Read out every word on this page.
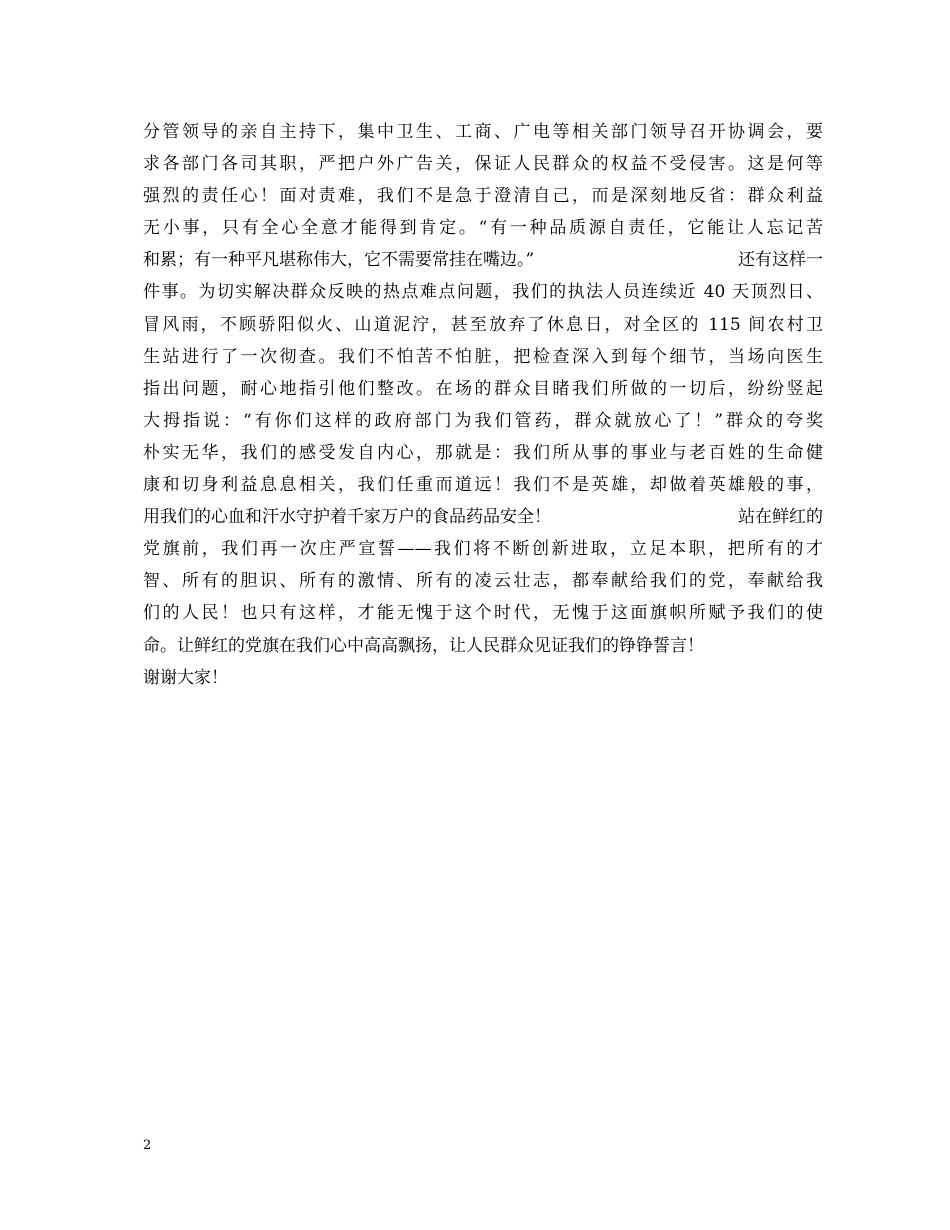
分管领导的亲自主持下，集中卫生、工商、广电等相关部门领导召开协调会，要
求各部门各司其职，严把户外广告关，保证人民群众的权益不受侵害。这是何等
强烈的责任心！面对责难，我们不是急于澄清自己，而是深刻地反省：群众利益
无小事，只有全心全意才能得到肯定。“有一种品质源自责任，它能让人忘记苦
和累；有一种平凡堪称伟大，它不需要常挂在嘴边。”	还有这样一
件事。为切实解决群众反映的热点难点问题，我们的执法人员连续近 40 天顶烈日、
冒风雨，不顾骄阳似火、山道泥泞，甚至放弃了休息日，对全区的 115 间农村卫
生站进行了一次彻查。我们不怕苦不怕脏，把检查深入到每个细节，当场向医生
指出问题，耐心地指引他们整改。在场的群众目睹我们所做的一切后，纷纷竖起
大拇指说：“有你们这样的政府部门为我们管药，群众就放心了！”群众的夸奖
朴实无华，我们的感受发自内心，那就是：我们所从事的事业与老百姓的生命健
康和切身利益息息相关，我们任重而道远！我们不是英雄，却做着英雄般的事，
用我们的心血和汗水守护着千家万户的食品药品安全！	站在鲜红的
党旗前，我们再一次庄严宣誓——我们将不断创新进取，立足本职，把所有的才
智、所有的胆识、所有的激情、所有的凌云壮志，都奉献给我们的党，奉献给我
们的人民！也只有这样，才能无愧于这个时代，无愧于这面旗帜所赋予我们的使
命。让鲜红的党旗在我们心中高高飘扬，让人民群众见证我们的铮铮誓言！
谢谢大家！
2
